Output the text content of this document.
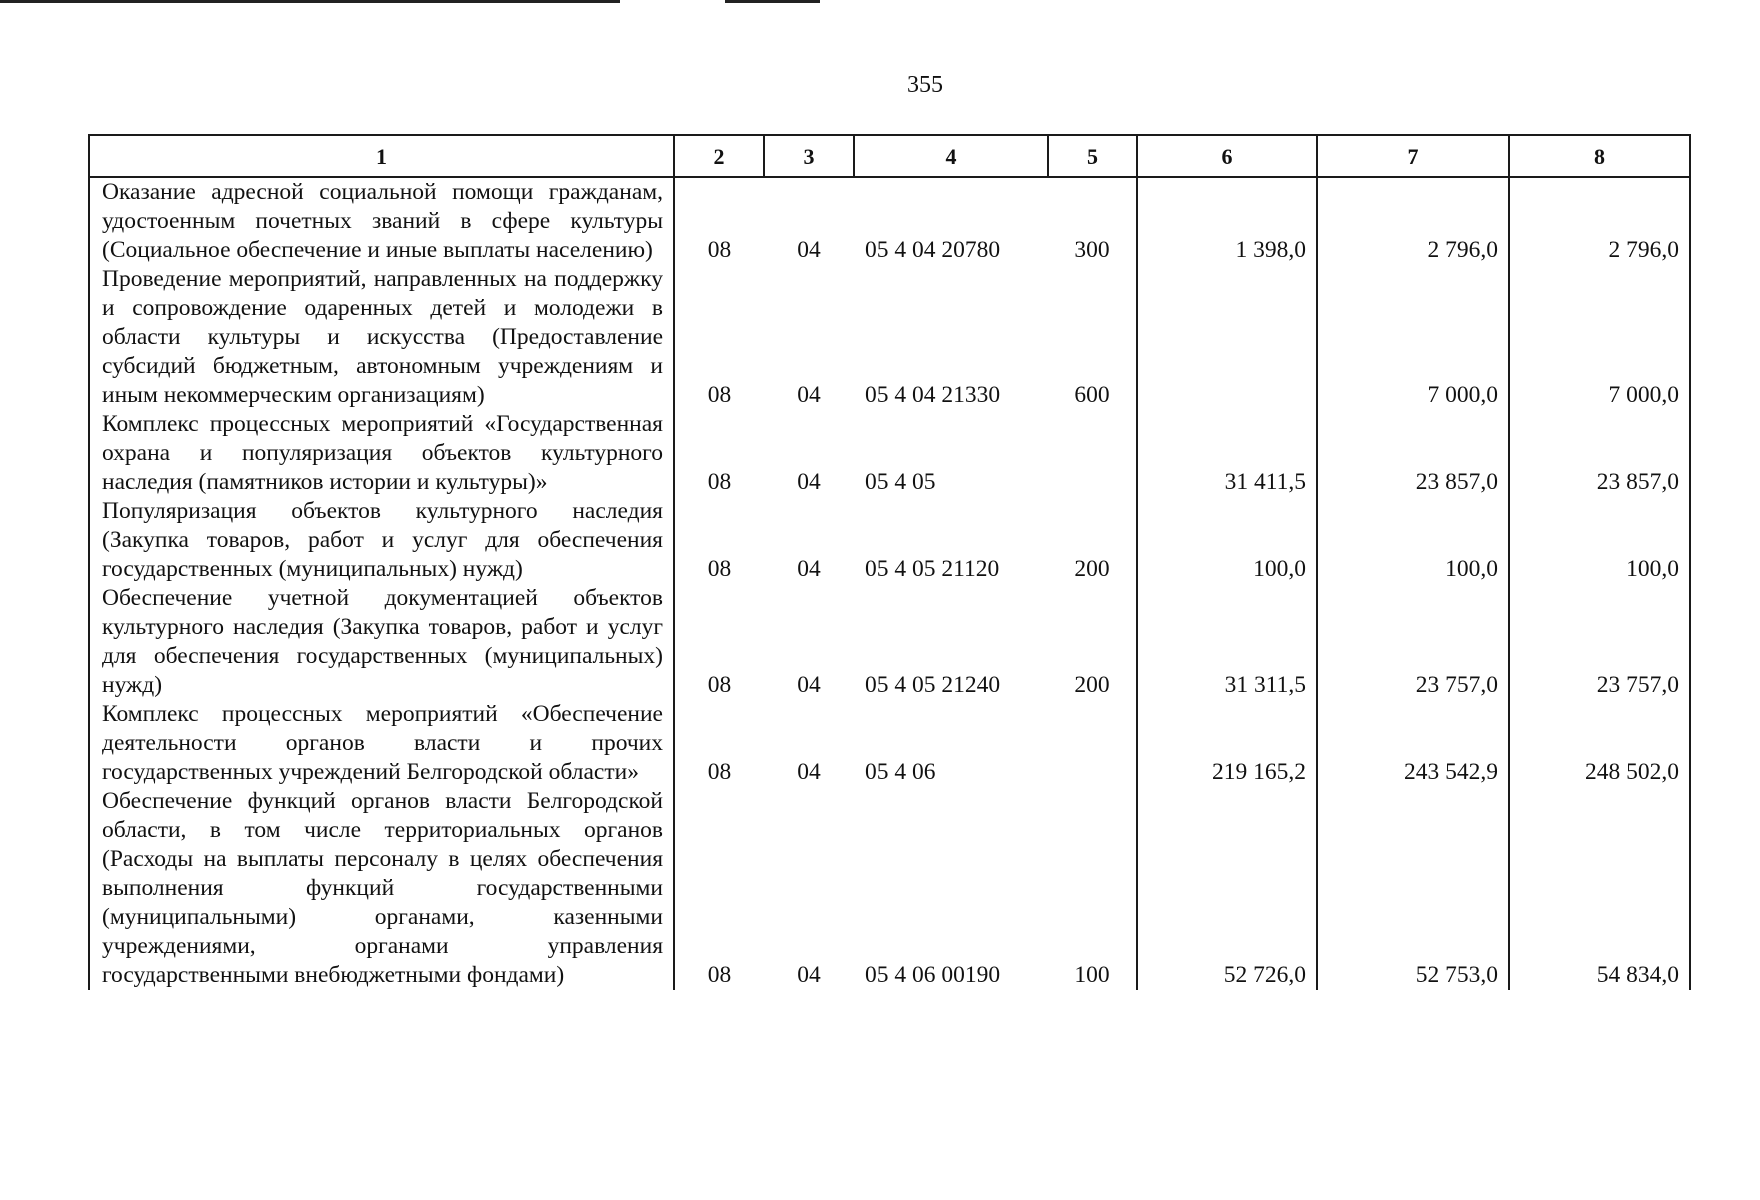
355
1	2	3	4	5	6	7	8
Оказание адресной социальной помощи гражданам, удостоенным почетных званий в сфере культуры (Социальное обеспечение и иные выплаты населению)	08	04	05 4 04 20780	300	1 398,0	2 796,0	2 796,0
Проведение мероприятий, направленных на поддержку и сопровождение одаренных детей и молодежи в области культуры и искусства (Предоставление субсидий бюджетным, автономным учреждениям и иным некоммерческим организациям)	08	04	05 4 04 21330	600		7 000,0	7 000,0
Комплекс процессных мероприятий «Государственная охрана и популяризация объектов культурного наследия (памятников истории и культуры)»	08	04	05 4 05		31 411,5	23 857,0	23 857,0
Популяризация объектов культурного наследия (Закупка товаров, работ и услуг для обеспечения государственных (муниципальных) нужд)	08	04	05 4 05 21120	200	100,0	100,0	100,0
Обеспечение учетной документацией объектов культурного наследия (Закупка товаров, работ и услуг для обеспечения государственных (муниципальных) нужд)	08	04	05 4 05 21240	200	31 311,5	23 757,0	23 757,0
Комплекс процессных мероприятий «Обеспечение деятельности органов власти и прочих государственных учреждений Белгородской области»	08	04	05 4 06		219 165,2	243 542,9	248 502,0
Обеспечение функций органов власти Белгородской области, в том числе территориальных органов (Расходы на выплаты персоналу в целях обеспечения выполнения функций государственными (муниципальными) органами, казенными учреждениями, органами управления государственными внебюджетными фондами)	08	04	05 4 06 00190	100	52 726,0	52 753,0	54 834,0
